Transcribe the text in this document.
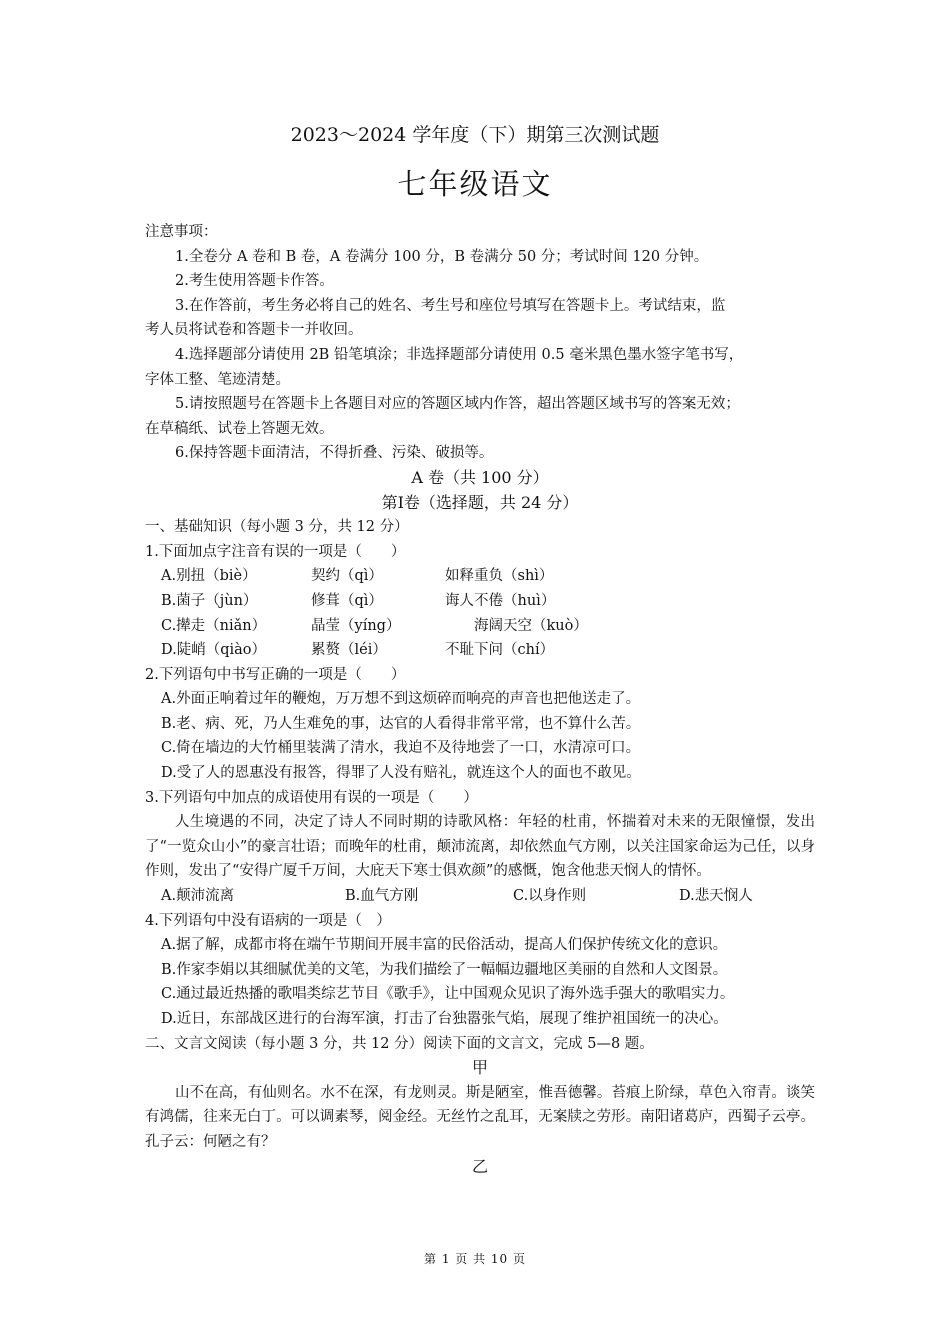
2023～2024 学年度（下）期第三次测试题
七年级语文
注意事项：
1.全卷分 A 卷和 B 卷，A 卷满分 100 分，B 卷满分 50 分；考试时间 120 分钟。
2.考生使用答题卡作答。
3.在作答前，考生务必将自己的姓名、考生号和座位号填写在答题卡上。考试结束，监
考人员将试卷和答题卡一并收回。
4.选择题部分请使用 2B 铅笔填涂；非选择题部分请使用 0.5 毫米黑色墨水签字笔书写，
字体工整、笔迹清楚。
5.请按照题号在答题卡上各题目对应的答题区域内作答，超出答题区域书写的答案无效；
在草稿纸、试卷上答题无效。
6.保持答题卡面清洁，不得折叠、污染、破损等。
A 卷（共 100 分）
第Ⅰ卷（选择题，共 24 分）
一、基础知识（每小题 3 分，共 12 分）
1.下面加点字注音有误的一项是（　　）
A.别扭（biè）	契约（qì）	如释重负（shì）
B.菌子（jùn）	修葺（qì）	诲人不倦（huì）
C.撵走（niǎn）	晶莹（yíng）	　　海阔天空（kuò）
D.陡峭（qiào）	累赘（léi）	不耻下问（chí）
2.下列语句中书写正确的一项是（　　）
A.外面正响着过年的鞭炮，万万想不到这烦碎而响亮的声音也把他送走了。
B.老、病、死，乃人生难免的事，达官的人看得非常平常，也不算什么苦。
C.倚在墙边的大竹桶里装满了清水，我迫不及待地尝了一口，水清凉可口。
D.受了人的恩惠没有报答，得罪了人没有赔礼，就连这个人的面也不敢见。
3.下列语句中加点的成语使用有误的一项是（　　）
人生境遇的不同，决定了诗人不同时期的诗歌风格：年轻的杜甫，怀揣着对未来的无限憧憬，发出了“一览众山小”的豪言壮语；而晚年的杜甫，颠沛流离，却依然血气方刚，以关注国家命运为己任，以身作则，发出了“安得广厦千万间，大庇天下寒士俱欢颜”的感慨，饱含他悲天悯人的情怀。
A.颠沛流离	B.血气方刚	C.以身作则	D.悲天悯人
4.下列语句中没有语病的一项是（　）
A.据了解，成都市将在端午节期间开展丰富的民俗活动，提高人们保护传统文化的意识。
B.作家李娟以其细腻优美的文笔，为我们描绘了一幅幅边疆地区美丽的自然和人文图景。
C.通过最近热播的歌唱类综艺节目《歌手》，让中国观众见识了海外选手强大的歌唱实力。
D.近日，东部战区进行的台海军演，打击了台独嚣张气焰，展现了维护祖国统一的决心。
二、文言文阅读（每小题 3 分，共 12 分）阅读下面的文言文，完成 5—8 题。
甲
山不在高，有仙则名。水不在深，有龙则灵。斯是陋室，惟吾德馨。苔痕上阶绿，草色入帘青。谈笑有鸿儒，往来无白丁。可以调素琴，阅金经。无丝竹之乱耳，无案牍之劳形。南阳诸葛庐，西蜀子云亭。孔子云：何陋之有？
乙
第 1 页 共 10 页
